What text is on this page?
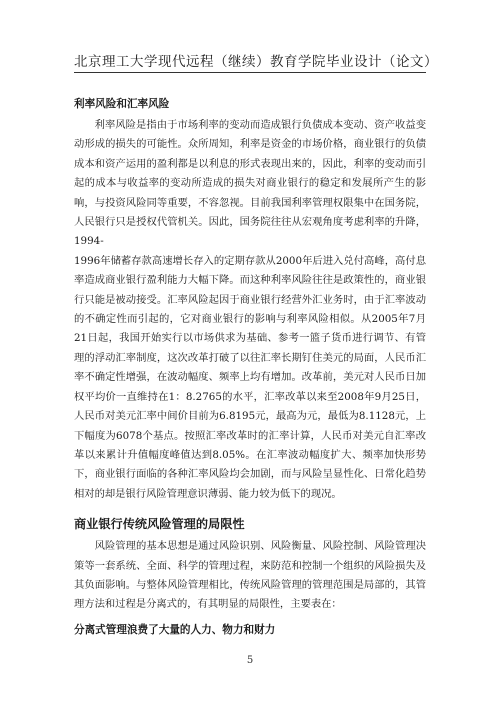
北京理工大学现代远程（继续）教育学院毕业设计（论文）
利率风险和汇率风险

利率风险是指由于市场利率的变动而造成银行负债成本变动、资产收益变动形成的损失的可能性。众所周知，利率是资金的市场价格，商业银行的负债成本和资产运用的盈利都是以利息的形式表现出来的，因此，利率的变动而引起的成本与收益率的变动所造成的损失对商业银行的稳定和发展所产生的影响，与投资风险同等重要，不容忽视。目前我国利率管理权限集中在国务院，人民银行只是授权代管机关。因此，国务院往往从宏观角度考虑利率的升降，1994-

1996年储蓄存款高速增长存入的定期存款从2000年后进入兑付高峰，高付息率造成商业银行盈利能力大幅下降。而这种利率风险往往是政策性的，商业银行只能是被动接受。汇率风险起因于商业银行经营外汇业务时，由于汇率波动的不确定性而引起的，它对商业银行的影响与利率风险相似。从2005年7月21日起，我国开始实行以市场供求为基础、参考一篮子货币进行调节、有管理的浮动汇率制度，这次改革打破了以往汇率长期钉住美元的局面，人民币汇率不确定性增强，在波动幅度、频率上均有增加。改革前，美元对人民币日加权平均价一直维持在1：8.2765的水平，汇率改革以来至2008年9月25日，人民币对美元汇率中间价目前为6.8195元，最高为元，最低为8.1128元，上下幅度为6078个基点。按照汇率改革时的汇率计算，人民币对美元自汇率改革以来累计升值幅度峰值达到8.05%。在汇率波动幅度扩大、频率加快形势下，商业银行面临的各种汇率风险均会加剧，而与风险呈显性化、日常化趋势相对的却是银行风险管理意识薄弱、能力较为低下的现况。

商业银行传统风险管理的局限性

风险管理的基本思想是通过风险识别、风险衡量、风险控制、风险管理决策等一套系统、全面、科学的管理过程，来防范和控制一个组织的风险损失及其负面影响。与整体风险管理相比，传统风险管理的管理范围是局部的，其管理方法和过程是分离式的，有其明显的局限性，主要表在：

分离式管理浪费了大量的人力、物力和财力
5
